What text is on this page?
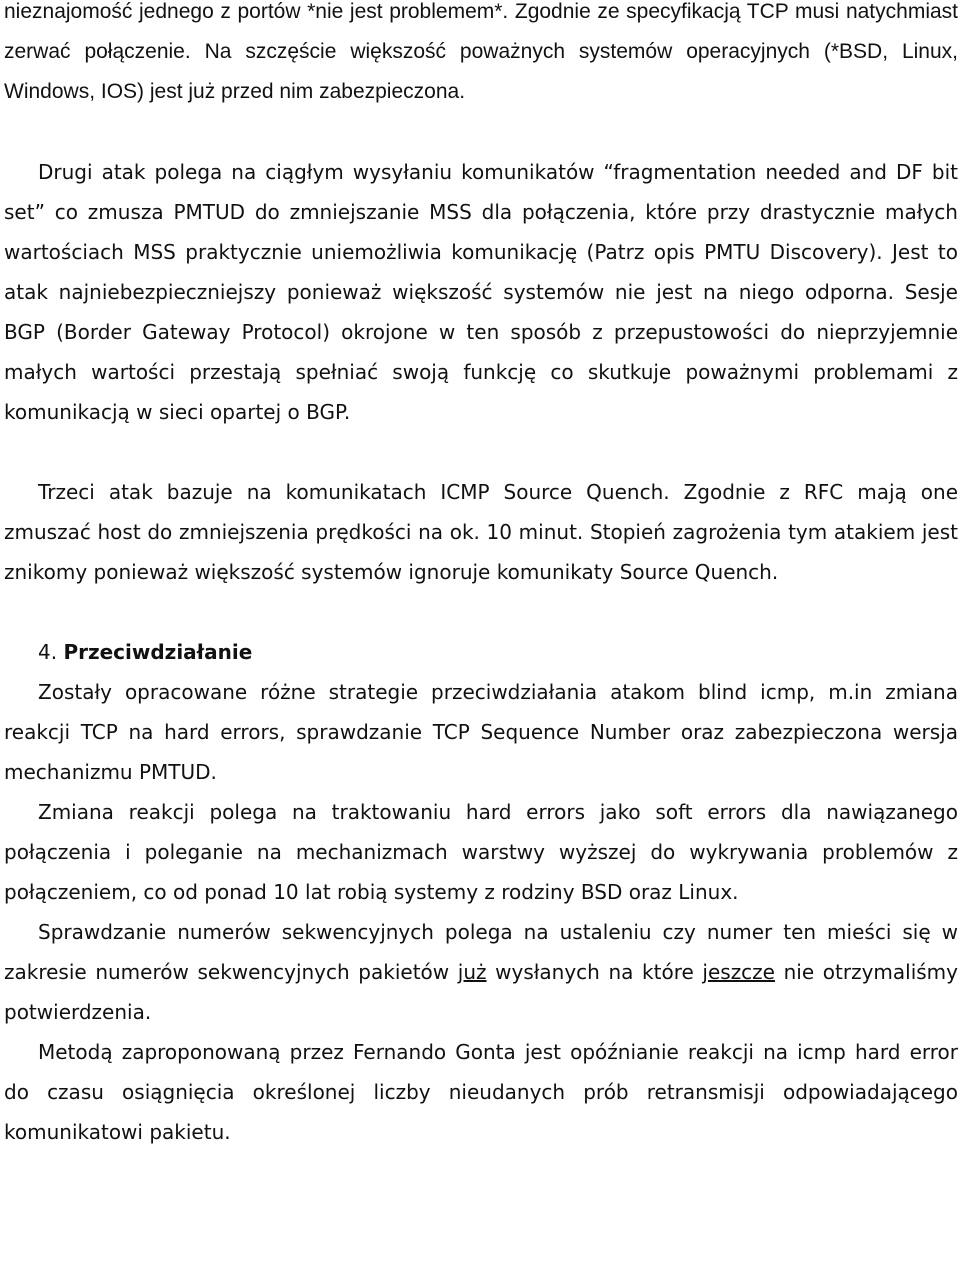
nieznajomość jednego z portów *nie jest problemem*. Zgodnie ze specyfikacją TCP musi natychmiast zerwać połączenie. Na szczęście większość poważnych systemów operacyjnych (*BSD, Linux, Windows, IOS) jest już przed nim zabezpieczona.

Drugi atak polega na ciągłym wysyłaniu komunikatów “fragmentation needed and DF bit set” co zmusza PMTUD do zmniejszanie MSS dla połączenia, które przy drastycznie małych wartościach MSS praktycznie uniemożliwia komunikację (Patrz opis PMTU Discovery). Jest to atak najniebezpieczniejszy ponieważ większość systemów nie jest na niego odporna. Sesje BGP (Border Gateway Protocol) okrojone w ten sposób z przepustowości do nieprzyjemnie małych wartości przestają spełniać swoją funkcję co skutkuje poważnymi problemami z komunikacją w sieci opartej o BGP.

Trzeci atak bazuje na komunikatach ICMP Source Quench. Zgodnie z RFC mają one zmuszać host do zmniejszenia prędkości na ok. 10 minut. Stopień zagrożenia tym atakiem jest znikomy ponieważ większość systemów ignoruje komunikaty Source Quench.

4. Przeciwdziałanie

Zostały opracowane różne strategie przeciwdziałania atakom blind icmp, m.in zmiana reakcji TCP na hard errors, sprawdzanie TCP Sequence Number oraz zabezpieczona wersja mechanizmu PMTUD.

Zmiana reakcji polega na traktowaniu hard errors jako soft errors dla nawiązanego połączenia i poleganie na mechanizmach warstwy wyższej do wykrywania problemów z połączeniem, co od ponad 10 lat robią systemy z rodziny BSD oraz Linux.

Sprawdzanie numerów sekwencyjnych polega na ustaleniu czy numer ten mieści się w zakresie numerów sekwencyjnych pakietów już wysłanych na które jeszcze nie otrzymaliśmy potwierdzenia.

Metodą zaproponowaną przez Fernando Gonta jest opóźnianie reakcji na icmp hard error do czasu osiągnięcia określonej liczby nieudanych prób retransmisji odpowiadającego komunikatowi pakietu.
